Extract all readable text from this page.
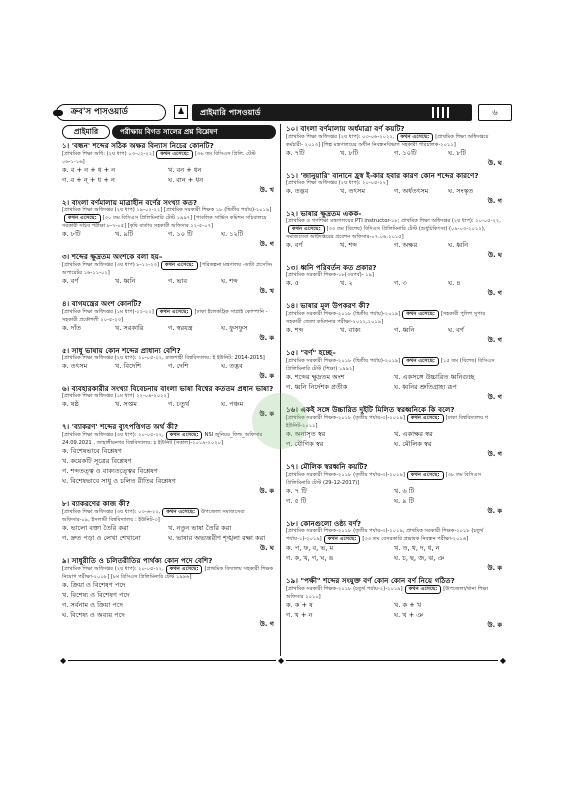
ক্রব'স পাসওয়ার্ড	♟	প্রাইমারি পাসওয়ার্ড	৬
প্রাইমারি	পরীক্ষায় বিগত সালের প্রশ্ন বিশ্লেষণ
১। 'বন্ধন' শব্দের সঠিক অক্ষর বিন্যাস নিচের কোনটি?
[প্রাথমিক শিক্ষা অধি: (২য় ধাপ) ০৩-০২-২২] কথন এসেছে: [৩৬ তম বিসিএস প্রিলি. টেস্ট ০৬-১-১৬]
ক. ব + ন + ধ + ন	খ. বন + ধন
গ. ব + ন্ + ধ + ন	ঘ. বান + ধন
উ. খ
২। বাংলা বর্ণমালায় মাত্রাহীন বর্ণের সংখ্যা কত?
[প্রাথমিক শিক্ষা অধিদপ্তর (২য় ধাপ) ১৯-০২-২২] [প্রাথমিক সরকারী শিক্ষক ১৮ (দ্বিতীয় পর্যায়)-২০১৯]কথন এসেছে: [৩০ তম বিসিএস প্রিলিমিনারি টেস্ট ১৯৯৭] [পাবলিক সার্ভিস কমিশন সচিবালয়ে সরকারী সচিব পরীক্ষা ৮-৭-০৫] [কৃষি বার্তায় সহকারী অফিসার ২২-৫-০৭]
ক. ৮টি	খ. ৯টি	গ. ১০ টি	ঘ. ১২টি
উ. গ
৩। শব্দের ক্ষুদ্রতম অংশকে বলা হয়–
[প্রাথমিক শিক্ষা অধিদপ্তর (৩য় ধাপ) ৮-১২-২৩] কথন এসেছে: [পরিকল্পনা মন্ত্রণালয় -ডাটা প্রসেসিং অপারেটর ১৬-১১-০২]
ক. বর্ণ	খ. ধ্বনি	গ. ভাব	ঘ. শব্দ
উ. খ
৪। বাগযন্ত্রের অংশ কোনটি?
[প্রাথমিক শিক্ষা অধিদপ্তর (১ম ধাপ)-২২-২২] কথন এসেছে: [ঢাকা ইলেকট্রিক সাপ্লাই কোম্পানি - সহকারী প্রকৌশলী ২০-৫-২৩]
ক. দাঁত	খ. সরকারি	গ. স্বরযন্ত্র	ঘ. ফুসফুস
উ. ক
৫। সাধু ভাষায় কোন শব্দের প্রাধান্য বেশি?
[প্রাথমিক শিক্ষা অধিদপ্তর (২য় ধাপ): ২০-০৫-২২, রাজশাহী বিশ্ববিদ্যালয়: ই ইউনিট: 2014-2015]
ক. তৎসম	খ. বিদেশি	গ. দেশি	ঘ. তদ্ভব
উ. ক
৬। ব্যবহারকারীর সংখ্যা বিবেচনায় বাংলা ভাষা বিশ্বের কততম প্রধান ভাষা?
[প্রাথমিক শিক্ষা অধিদপ্তর (১ম ধাপ) ২২-০৪-২০২২]
ক. ষষ্ঠ	খ. সপ্তম	গ. চতুর্থ	ঘ. পঞ্চম
উ. ক
৭। 'ব্যাকরণ' শব্দের ব্যুৎপত্তিগত অর্থ কী?
[প্রাথমিক শিক্ষা অধিদপ্তর (৩য় ধাপ): ২০-০৫-২২, কথন এসেছে: NSI জুনিয়র_ফিল্ড_অফিসার 24.09.2021 , জাহাঙ্গীরনগর বিশ্ববিদ্যালয়: চ ইউনিট (সকাল)-২০১৯-২০২০]
ক. বিশেষভাবে বিশ্লেষণ
খ. কয়েকটি সূত্রের বিশ্লেষণ
গ. শব্দতত্ত্ব ও বাক্যতত্ত্বের বিশ্লেষণ
ঘ. বিশেষভাবে সাধু ও চলিত রীতির বিশ্লেষণ
উ. ক
৮। ব্যাকরণের কাজ কী?
[প্রাথমিক শিক্ষা অধিদপ্তর (৩য় ধাপ): ০৩-৬-২২, কথন এসেছে: উপজেলা সমাজসেবা অফিসার-০৯, ইসলামী বিশ্ববিদ্যালয় : ইউনিট-৩]
ক. ভালো বক্তা তৈরি করা	খ. নতুন ভাষা তৈরি করা
গ. দ্রুত পড়া ও লেখা শেখানো	ঘ. ভাষার অভ্যন্তরীণ শৃঙ্খলা রক্ষা করা
উ. ঘ
৯। সাধুরীতি ও চলিতরীতির পার্থক্য কোন পদে বেশি?
[প্রাথমিক শিক্ষা অধিদপ্তর (২য় ধাপ): ২০-০৫-২২, কথন এসেছে: [প্রাথমিক বিদ্যালয় সহকারী শিক্ষক নিয়োগ পরীক্ষা-২০০৮] [৮ম বিসিএস প্রিলিমিনারি টেস্ট ১৯৯৬]
ক. ক্রিয়া ও বিশেষণ পদে
খ. বিশেষ্য ও বিশেষণ পদে
গ. সর্বনাম ও ক্রিয়া পদে
ঘ. বিশেষ্য ও অব্যয় পদে
উ. গ
১০। বাংলা বর্ণমালায় অর্ধমাত্রা বর্ণ কয়টি?
[প্রাথমিক শিক্ষা অধিদপ্তর (২য় ধাপ): ০৩-০৬-২০২২, কথন এসেছে: [প্রাথমিক শিক্ষা অধিদপ্তরে কর্মচারী- ২০১৩] [শিল্প মন্ত্রণালয়ের অধীন নিবন্ধনবিভাগ সহকারী পরিচালক-২০১১]
ক. ৭টি	খ. ৮টি	গ. ১০টি	ঘ. ৮টি
উ. ঘ
১১। 'জানুয়ারি' বানানে হ্রস্ব ই-কার হবার কারণ কোন শব্দের কারণে?
[প্রাথমিক শিক্ষা অধিদপ্তর (২য় ধাপ): ২০-০৫-২২]
ক. তদ্ভব	খ. তৎসম	গ. অর্ধতৎসম	ঘ. সংস্কৃত
উ. গ
১২। ভাষার ক্ষুদ্রতম একক-
[প্রাথমিক ও গণশিক্ষা মন্ত্রণালয়ের PTI instructor-১৮; প্রাথমিক শিক্ষা অধিদপ্তর (২য় ধাপ): ২০-০৫-২২,কথন এসেছে: [৩৩ তম (বিশেষ) বিসিএস প্রিলিমিনারি টেস্ট (শুধুচিকিৎসা) (০৯-০৩-২০১২), সমাজসেবা অধিদপ্তরের প্রবেশন অফিসার-০৭.০৬.২০১৫]
ক. বর্ণ	খ. শব্দ	গ. অক্ষর	ঘ. ধ্বনি
উ. ঘ
১৩। ধ্বনি পরিবর্তন কত প্রকার?
[প্রাথমিক সরকারী শিক্ষক-১৮(৩য়পর্ব)- ১৯]
ক. ৫	খ. ২	গ. ৩	ঘ. ৪
উ. গ
১৪। ভাষার মূল উপকরণ কী?
[প্রাথমিক সরকারী শিক্ষক-২০১৮ (দ্বিতীয় পর্যায়)-২০১৯] কথন এসেছে: [সহকারী পুলিশ সুপার সহকারী জেলা কমিশনার পরীক্ষা-২০১২,২০১৯]
ক. শব্দ	খ. বাক্য	গ. ধ্বনি	ঘ. বর্ণ
উ. গ
১৫। "বর্ণ" হচ্ছে–
[প্রাথমিক সরকারী শিক্ষক-২০১৮ (দ্বিতীয় পর্যায়)-২০১৯] কথন এসেছে: [১৫ তম (বিশেষ) বিসিএস প্রিলিমিনারি টেস্ট (শিক্ষা) ১৯৯২]
ক. শব্দের ক্ষুদ্রতম অংশ	খ. একসঙ্গে উচ্চারিত ধ্বনিগুচ্ছ
গ. ধ্বনি নির্দেশক প্রতীক	ঘ. ধ্বনির শ্রুতিগ্রাহ্য রূপ
উ. গ
১৬। একই সঙ্গে উচ্চারিত দুইটি মিলিত স্বরধ্বনিকে কি বলে?
[প্রাথমিক সরকারী শিক্ষক-২০১৮ (তৃতীয় পর্যায়-৩)-২০১৯] কথন এসেছে: [ঢাকা বিশ্ববিদ্যালয় গ ইউনিট-২০১১]
ক. অনাসৃত স্বর	খ. একাক্ষর স্বর
গ. যৌগিক স্বর	ঘ. মৌলিক স্বর
উ. গ
১৭। মৌলিক স্বরধ্বনি কয়টি?
[প্রাথমিক সরকারী শিক্ষক-২০১৮ (তৃতীয় পর্যায়-৩)-২০১৯] কথন এসেছে: [৩৮ তম বিসিএস প্রিলিমিনারি টেস্ট (29-12-2017)]
ক. ৭ টি	খ. ৬ টি
গ. ৫ টি	ঘ. ৯ টি
উ. ক
১৮। কোনগুলো ওষ্ঠ্য বর্ণ?
[প্রাথমিক সরকারী শিক্ষক-২০১৮ (তৃতীয় পর্যায়-৩)-২০১৯, প্রাথমিক সরকারী শিক্ষক-২০১৮ (চতুর্থ পর্যায়-১)-২০১৯] কথন এসেছে: [৩৩ তম বেসরকারি প্রভাষক নিবন্ধন পরীক্ষা-২০১৬]
ক. প, ফ, ব, ভ, ম	খ. ত, থ, দ, ধ, ন
গ. ক, খ, গ, ঘ, ঙ	ঘ. চ, ছ, জ, ঝ, ঞ
উ. ক
১৯। "পক্ষী" শব্দের সংযুক্ত বর্ণ কোন কোন বর্ণ নিয়ে গঠিত?
[প্রাথমিক সরকারী শিক্ষক-২০১৮ (চতুর্থ পর্যায়-২)-২০১৯] কথন এসেছে: [উপজেলা/থানা শিক্ষা অফিসার ২০১০]
ক. ক + ষ	খ. ক + খ
গ. খ + ন	ঘ. খ + ঞ
উ. ক
◆	◆	◆
